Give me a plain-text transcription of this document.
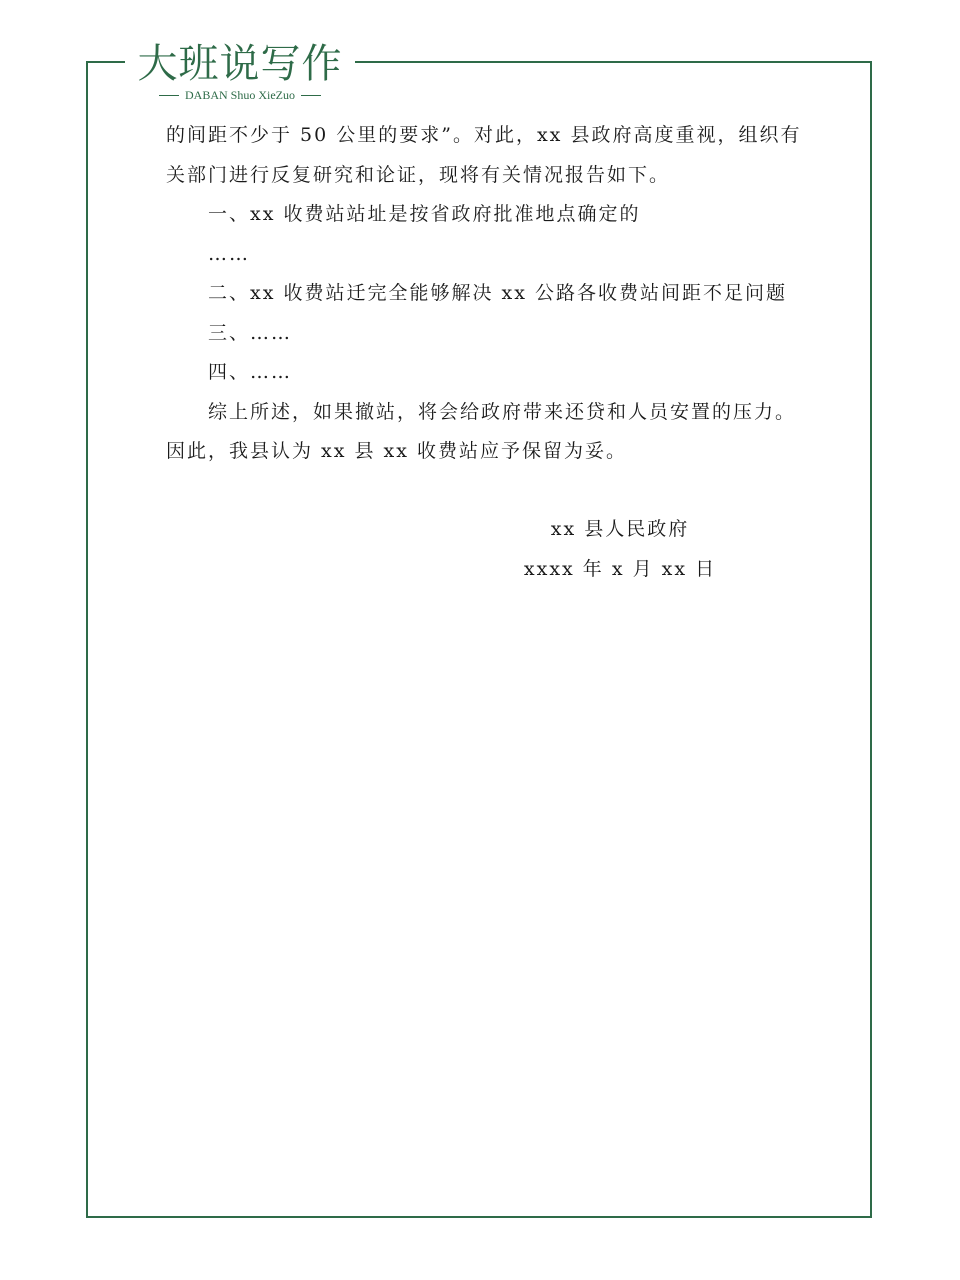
大班说写作
DABAN Shuo XieZuo

的间距不少于 50 公里的要求”。对此，xx 县政府高度重视，组织有

关部门进行反复研究和论证，现将有关情况报告如下。

一、xx 收费站站址是按省政府批准地点确定的

……

二、xx 收费站迁完全能够解决 xx 公路各收费站间距不足问题

三、……

四、……

综上所述，如果撤站，将会给政府带来还贷和人员安置的压力。

因此，我县认为 xx 县 xx 收费站应予保留为妥。

xx 县人民政府

xxxx 年 x 月 xx 日
